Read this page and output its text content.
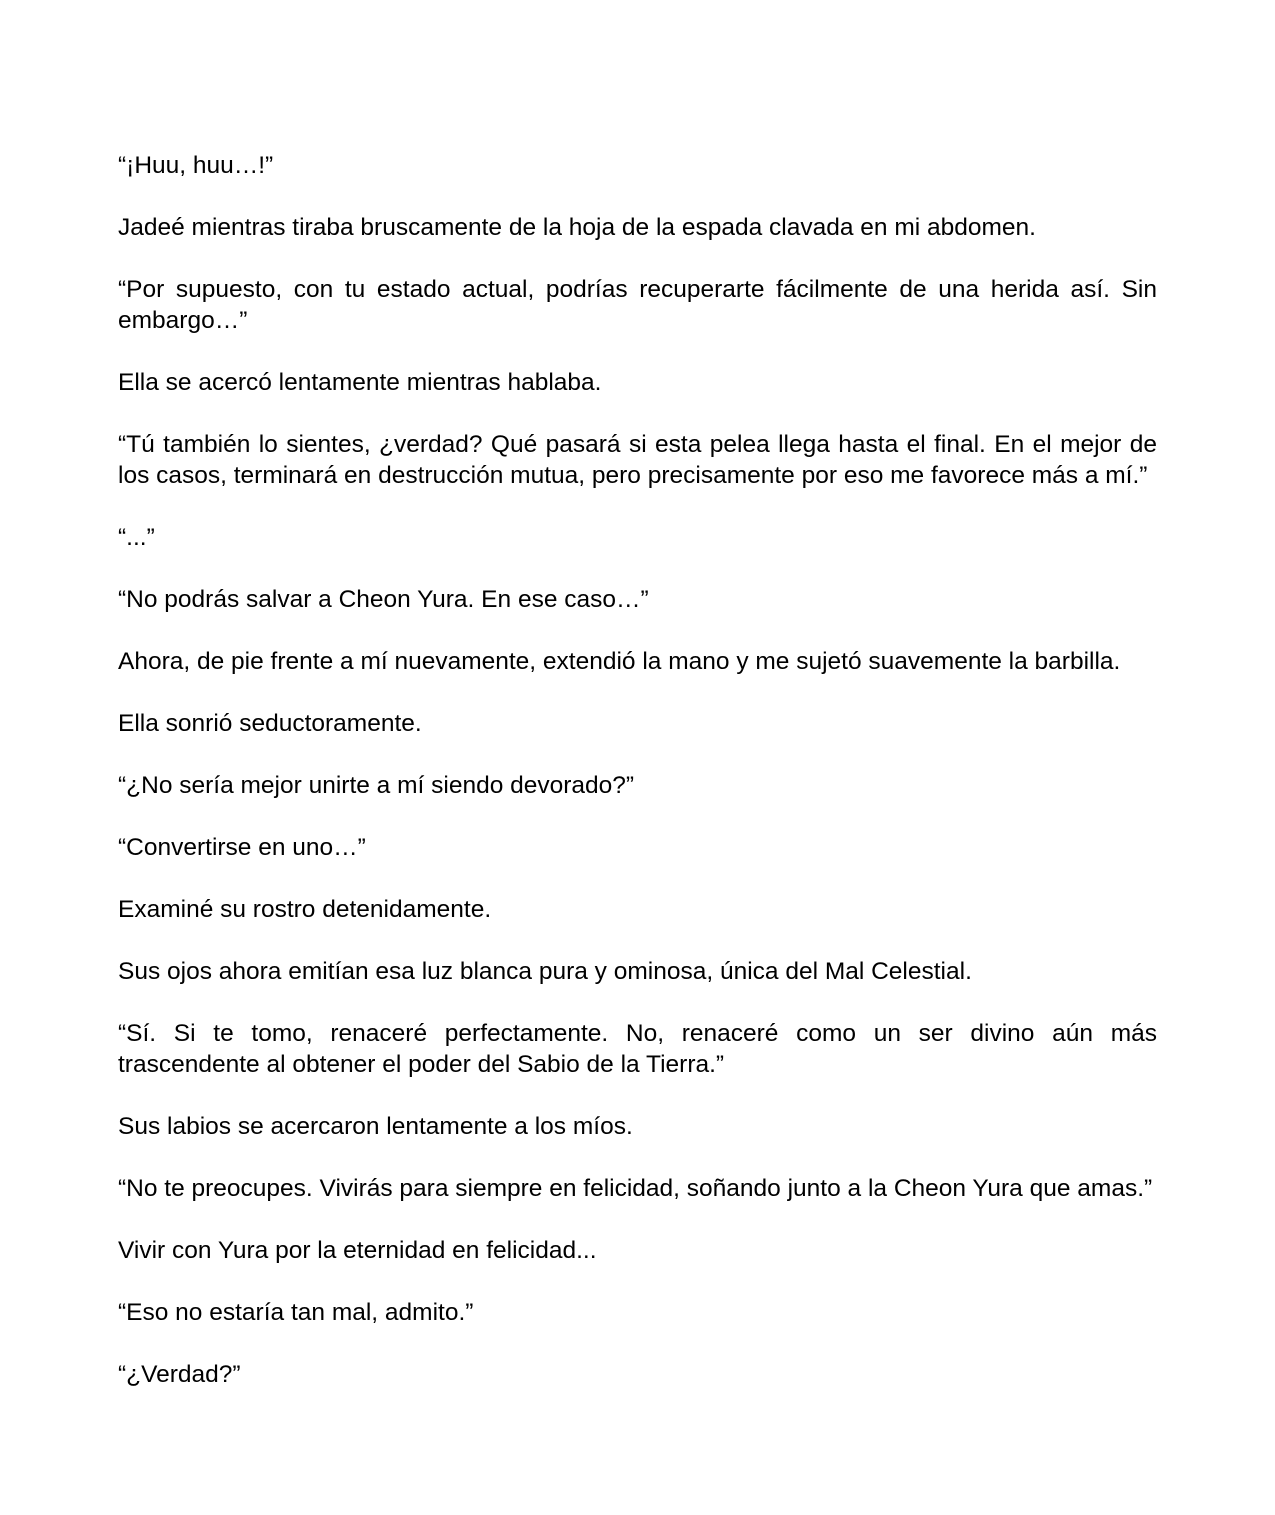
“¡Huu, huu…!”

Jadeé mientras tiraba bruscamente de la hoja de la espada clavada en mi abdomen.

“Por supuesto, con tu estado actual, podrías recuperarte fácilmente de una herida así. Sin embargo…”

Ella se acercó lentamente mientras hablaba.

“Tú también lo sientes, ¿verdad? Qué pasará si esta pelea llega hasta el final. En el mejor de los casos, terminará en destrucción mutua, pero precisamente por eso me favorece más a mí.”

“...”

“No podrás salvar a Cheon Yura. En ese caso…”

Ahora, de pie frente a mí nuevamente, extendió la mano y me sujetó suavemente la barbilla.

Ella sonrió seductoramente.

“¿No sería mejor unirte a mí siendo devorado?”

“Convertirse en uno…”

Examiné su rostro detenidamente.

Sus ojos ahora emitían esa luz blanca pura y ominosa, única del Mal Celestial.

“Sí. Si te tomo, renaceré perfectamente. No, renaceré como un ser divino aún más trascendente al obtener el poder del Sabio de la Tierra.”

Sus labios se acercaron lentamente a los míos.

“No te preocupes. Vivirás para siempre en felicidad, soñando junto a la Cheon Yura que amas.”

Vivir con Yura por la eternidad en felicidad...

“Eso no estaría tan mal, admito.”

“¿Verdad?”
